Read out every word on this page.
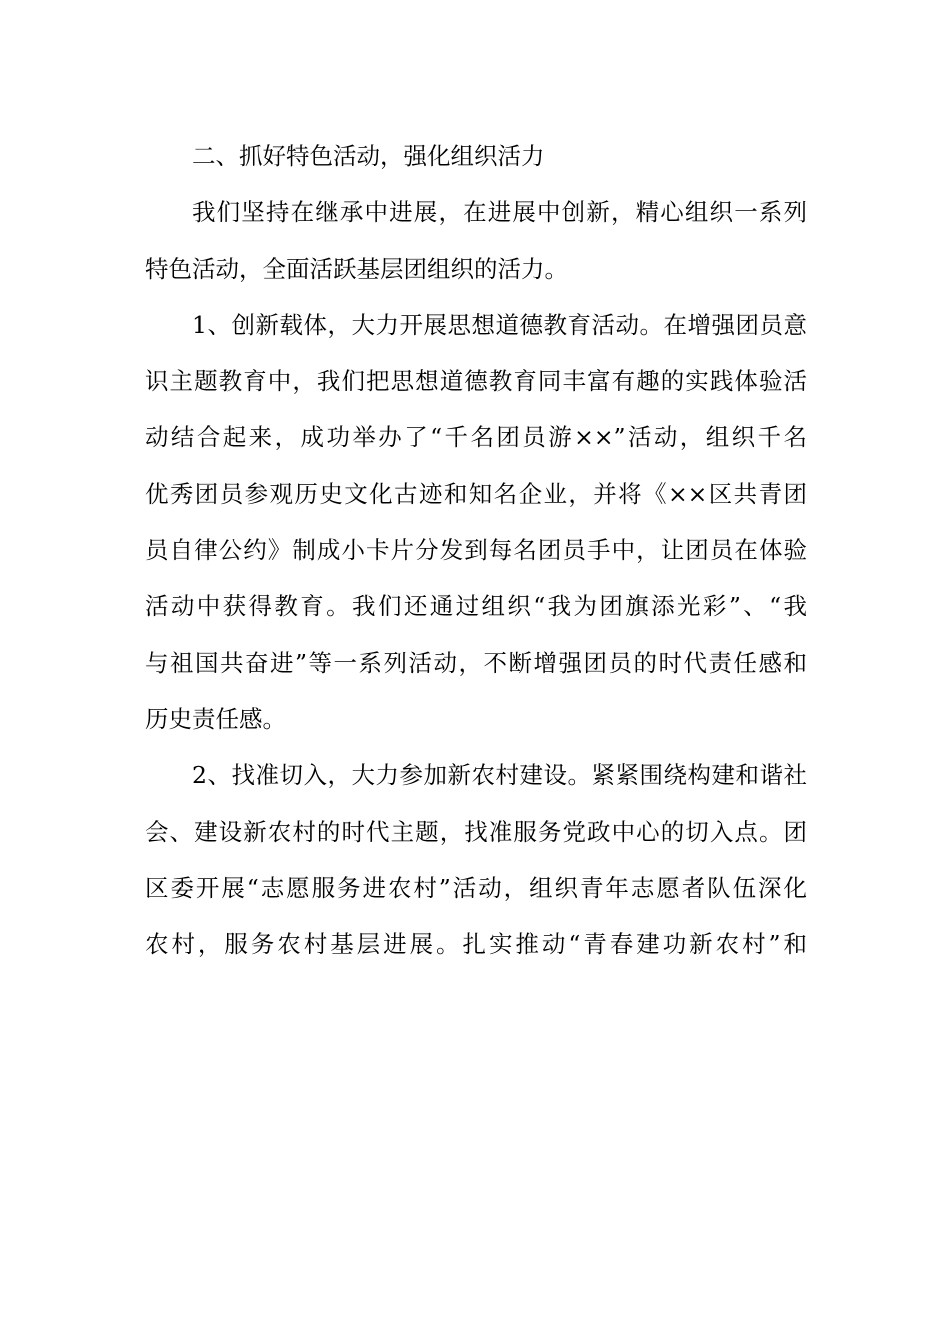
二、抓好特色活动，强化组织活力
我们坚持在继承中进展，在进展中创新，精心组织一系列
特色活动，全面活跃基层团组织的活力。
1、创新载体，大力开展思想道德教育活动。在增强团员意
识主题教育中，我们把思想道德教育同丰富有趣的实践体验活
动结合起来，成功举办了“千名团员游××”活动，组织千名
优秀团员参观历史文化古迹和知名企业，并将《××区共青团
员自律公约》制成小卡片分发到每名团员手中，让团员在体验
活动中获得教育。我们还通过组织“我为团旗添光彩”、“我
与祖国共奋进”等一系列活动，不断增强团员的时代责任感和
历史责任感。
2、找准切入，大力参加新农村建设。紧紧围绕构建和谐社
会、建设新农村的时代主题，找准服务党政中心的切入点。团
区委开展“志愿服务进农村”活动，组织青年志愿者队伍深化
农村，服务农村基层进展。扎实推动“青春建功新农村”和
